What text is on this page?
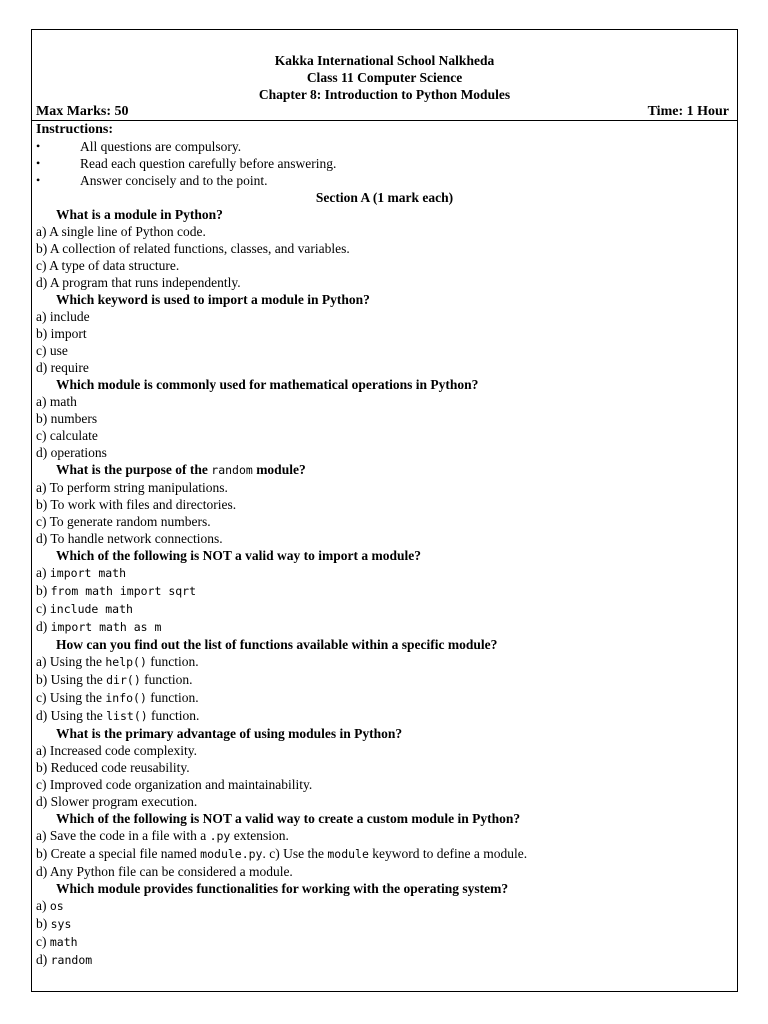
Kakka International School Nalkheda
Class 11 Computer Science
Chapter 8: Introduction to Python Modules
Max Marks: 50	Time: 1 Hour
Instructions:
•	All questions are compulsory.
•	Read each question carefully before answering.
•	Answer concisely and to the point.
Section A (1 mark each)
What is a module in Python?
a) A single line of Python code.
b) A collection of related functions, classes, and variables.
c) A type of data structure.
d) A program that runs independently.
Which keyword is used to import a module in Python?
a) include
b) import
c) use
d) require
Which module is commonly used for mathematical operations in Python?
a) math
b) numbers
c) calculate
d) operations
What is the purpose of the random module?
a) To perform string manipulations.
b) To work with files and directories.
c) To generate random numbers.
d) To handle network connections.
Which of the following is NOT a valid way to import a module?
a) import math
b) from math import sqrt
c) include math
d) import math as m
How can you find out the list of functions available within a specific module?
a) Using the help() function.
b) Using the dir() function.
c) Using the info() function.
d) Using the list() function.
What is the primary advantage of using modules in Python?
a) Increased code complexity.
b) Reduced code reusability.
c) Improved code organization and maintainability.
d) Slower program execution.
Which of the following is NOT a valid way to create a custom module in Python?
a) Save the code in a file with a .py extension.
b) Create a special file named module.py. c) Use the module keyword to define a module.
d) Any Python file can be considered a module.
Which module provides functionalities for working with the operating system?
a) os
b) sys
c) math
d) random
